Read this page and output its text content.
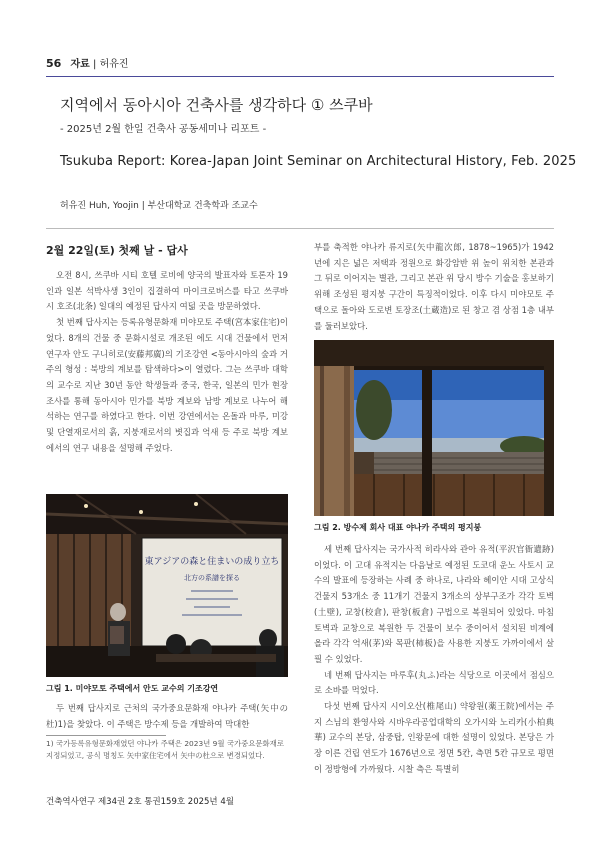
56 자료 | 허유진
지역에서 동아시아 건축사를 생각하다 ① 쓰쿠바
- 2025년 2월 한일 건축사 공동세미나 리포트 -
Tsukuba Report: Korea-Japan Joint Seminar on Architectural History, Feb. 2025
허유진 Huh, Yoojin | 부산대학교 건축학과 조교수
2월 22일(토) 첫째 날 - 답사

오전 8시, 쓰쿠바 시티 호텔 로비에 양국의 발표자와 토론자 19인과 일본 석박사생 3인이 집결하여 마이크로버스를 타고 쓰쿠바시 호조(北条) 일대의 예정된 답사지 여덟 곳을 방문하였다.

첫 번째 답사지는 등록유형문화재 미야모토 주택(宮本家住宅)이었다. 8개의 건물 중 문화시설로 개조된 에도 시대 건물에서 먼저 연구자 안도 구니히로(安藤邦廣)의 기조강연 <동아시아의 숲과 거주의 형성 : 북방의 계보를 탐색하다>이 열렸다. 그는 쓰쿠바 대학의 교수로 지난 30년 동안 학생들과 중국, 한국, 일본의 민가 현장 조사를 통해 동아시아 민가를 북방 계보와 남방 계보로 나누어 해석하는 연구를 하였다고 한다. 이번 강연에서는 온돌과 마루, 미강 및 단열재로서의 흙, 지붕재로서의 볏집과 억새 등 주로 북방 계보에서의 연구 내용을 설명해 주었다.

東アジアの森と住まいの成り立ち
北方の系譜を探る
그림 1. 미야모토 주택에서 안도 교수의 기조강연

두 번째 답사지로 근처의 국가중요문화재 야나카 주택(矢中の杜)1)을 찾았다. 이 주택은 방수제 등을 개발하여 막대한

1) 국가등록유형문화재였던 야나카 주택은 2023년 9월 국가중요문화재로 지정되었고, 공식 명칭도 矢中家住宅에서 矢中の杜으로 변경되었다.

부를 축적한 야나카 류지로(矢中龍次郎, 1878~1965)가 1942년에 지은 넓은 저택과 정원으로 화강암반 위 높이 위치한 본관과 그 뒤로 이어지는 별관, 그리고 본관 위 당시 방수 기술을 홍보하기 위해 조성된 평지붕 구간이 특징적이었다. 이후 다시 미야모토 주택으로 돌아와 도로변 토장조(土蔵造)로 된 창고 겸 상점 1층 내부를 둘러보았다.

그림 2. 방수제 회사 대표 야나카 주택의 평지붕

세 번째 답사지는 국가사적 히라사와 관아 유적(平沢官衙遺跡)이었다. 이 고대 유적지는 다음날로 예정된 도코대 운노 사토시 교수의 발표에 등장하는 사례 중 하나로, 나라와 헤이안 시대 고상식 건물지 53개소 중 11개기 건물지 3개소의 상부구조가 각각 토벽(土壁), 교창(校倉), 판창(板倉) 구법으로 복원되어 있었다. 마침 토벽과 교창으로 복원한 두 건물이 보수 중이어서 설치된 비계에 올라 각각 억새(茅)와 목판(杮板)을 사용한 지붕도 가까이에서 살필 수 있었다.

네 번째 답사지는 마루후(丸ふ)라는 식당으로 이곳에서 점심으로 소바를 먹었다.

다섯 번째 답사지 시이오산(椎尾山) 약왕원(薬王院)에서는 주지 스님의 환영사와 시바우라공업대학의 오가시와 노리카(小柏典華) 교수의 본당, 삼중탑, 인왕문에 대한 설명이 있었다. 본당은 가장 이른 건립 연도가 1676년으로 정면 5칸, 측면 5칸 규모로 평면이 정방형에 가까웠다. 시찰 측은 특별히

건축역사연구 제34권 2호 통권159호 2025년 4월
